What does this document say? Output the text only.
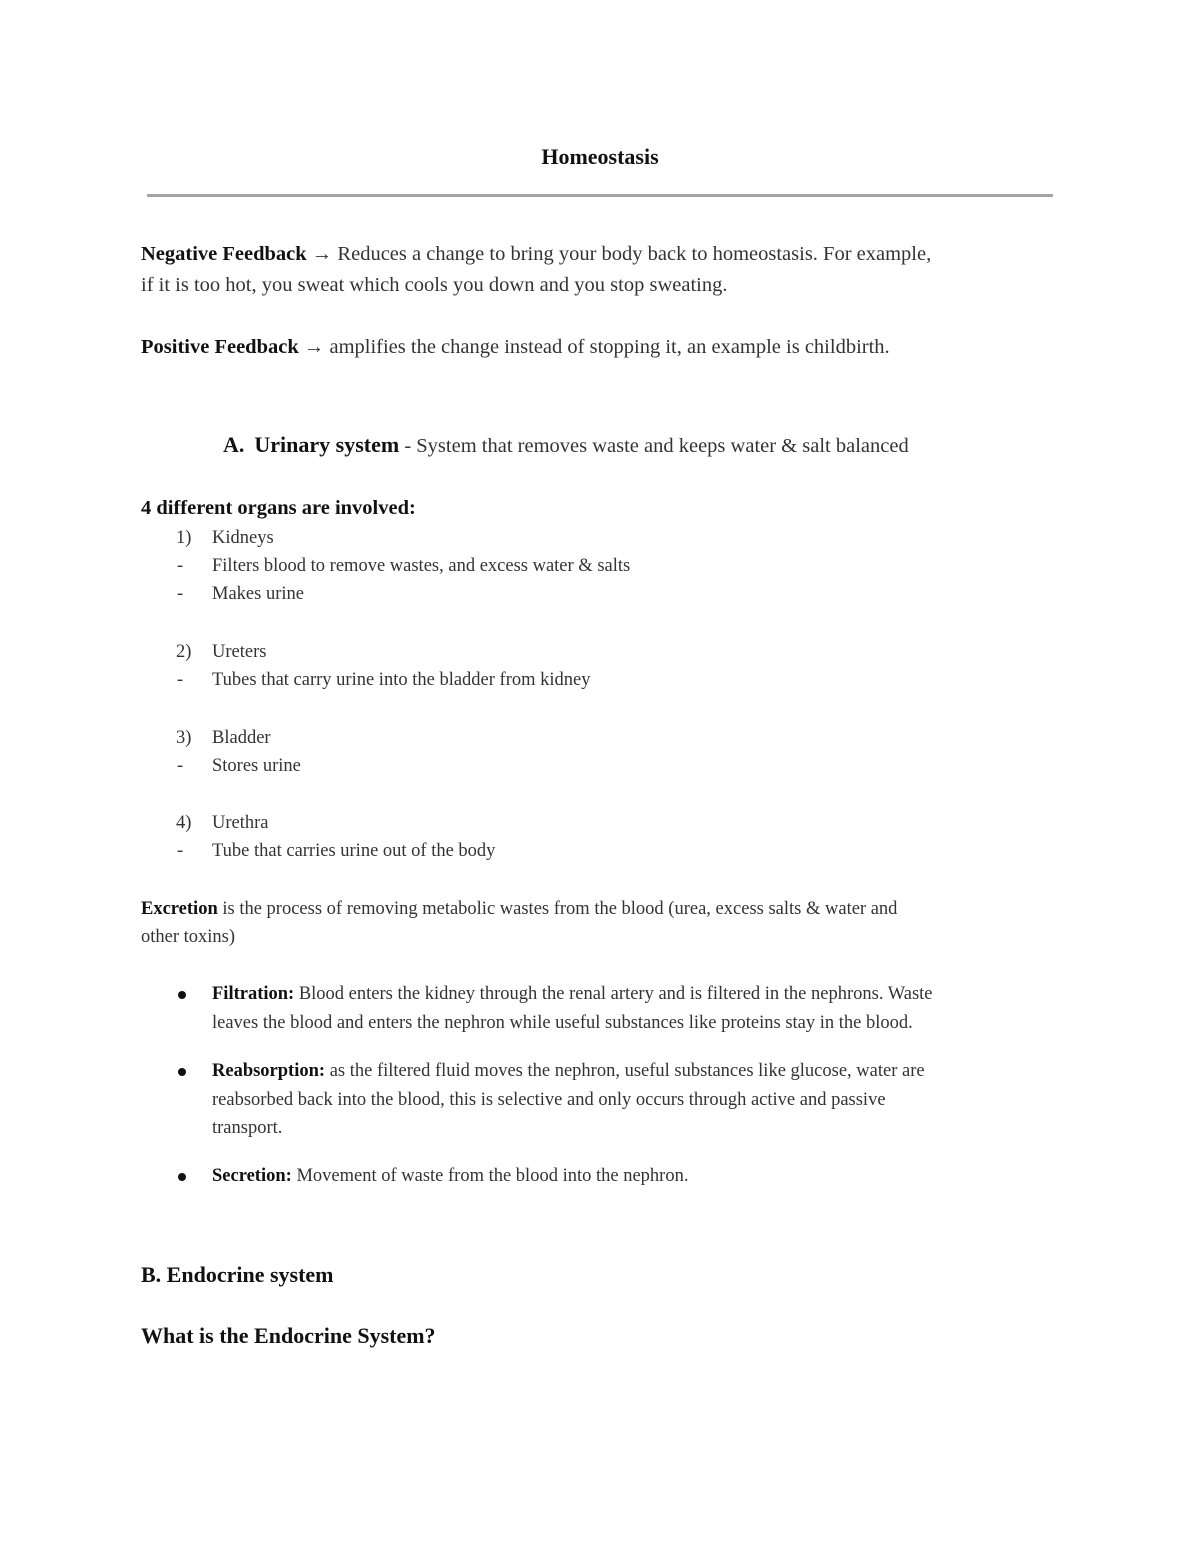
Homeostasis

Negative Feedback → Reduces a change to bring your body back to homeostasis. For example,

if it is too hot, you sweat which cools you down and you stop sweating.

Positive Feedback → amplifies the change instead of stopping it, an example is childbirth.

A. Urinary system - System that removes waste and keeps water & salt balanced

4 different organs are involved:

1) Kidneys
- Filters blood to remove wastes, and excess water & salts
- Makes urine
2) Ureters
- Tubes that carry urine into the bladder from kidney
3) Bladder
- Stores urine
4) Urethra
- Tube that carries urine out of the body

Excretion is the process of removing metabolic wastes from the blood (urea, excess salts & water and

other toxins)

Filtration: Blood enters the kidney through the renal artery and is filtered in the nephrons. Waste

leaves the blood and enters the nephron while useful substances like proteins stay in the blood.

Reabsorption: as the filtered fluid moves the nephron, useful substances like glucose, water are

reabsorbed back into the blood, this is selective and only occurs through active and passive

transport.

Secretion: Movement of waste from the blood into the nephron.

B. Endocrine system
What is the Endocrine System?
